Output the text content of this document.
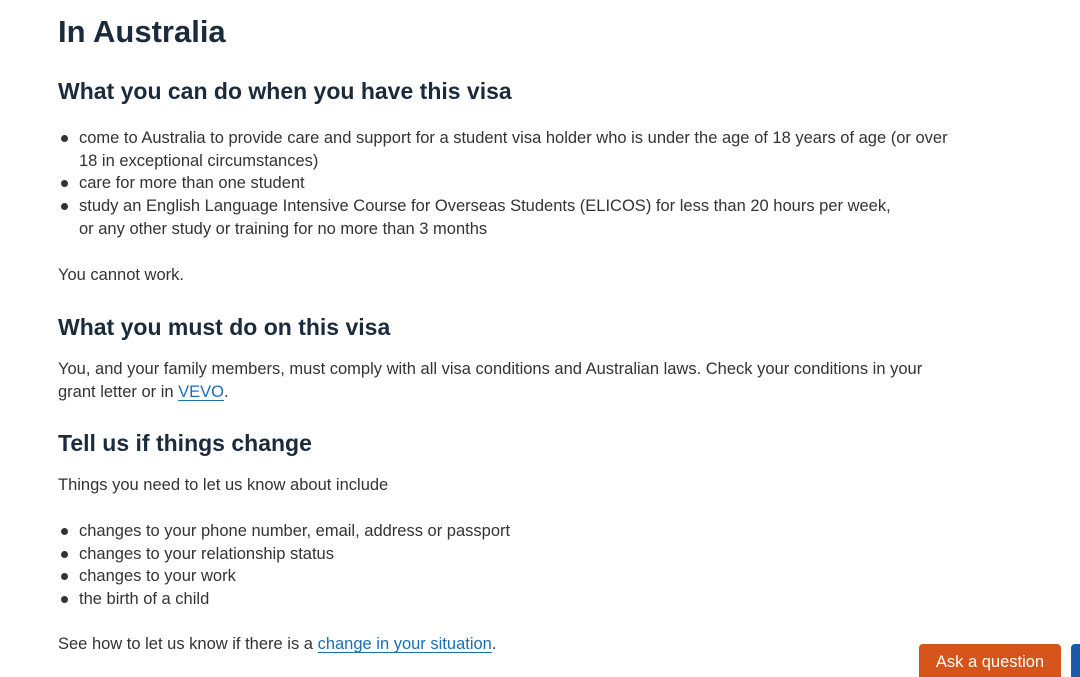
In Australia
What you can do when you have this visa
come to Australia to provide care and support for a student visa holder who is under the age of 18 years of age (or over 18 in exceptional circumstances)
care for more than one student
study an English Language Intensive Course for Overseas Students (ELICOS) for less than 20 hours per week, or any other study or training for no more than 3 months

You cannot work.

What you must do on this visa

You, and your family members, must comply with all visa conditions and Australian laws. Check your conditions in your grant letter or in VEVO.

Tell us if things change

Things you need to let us know about include

changes to your phone number, email, address or passport
changes to your relationship status
changes to your work
the birth of a child

See how to let us know if there is a change in your situation.

Ask a question
